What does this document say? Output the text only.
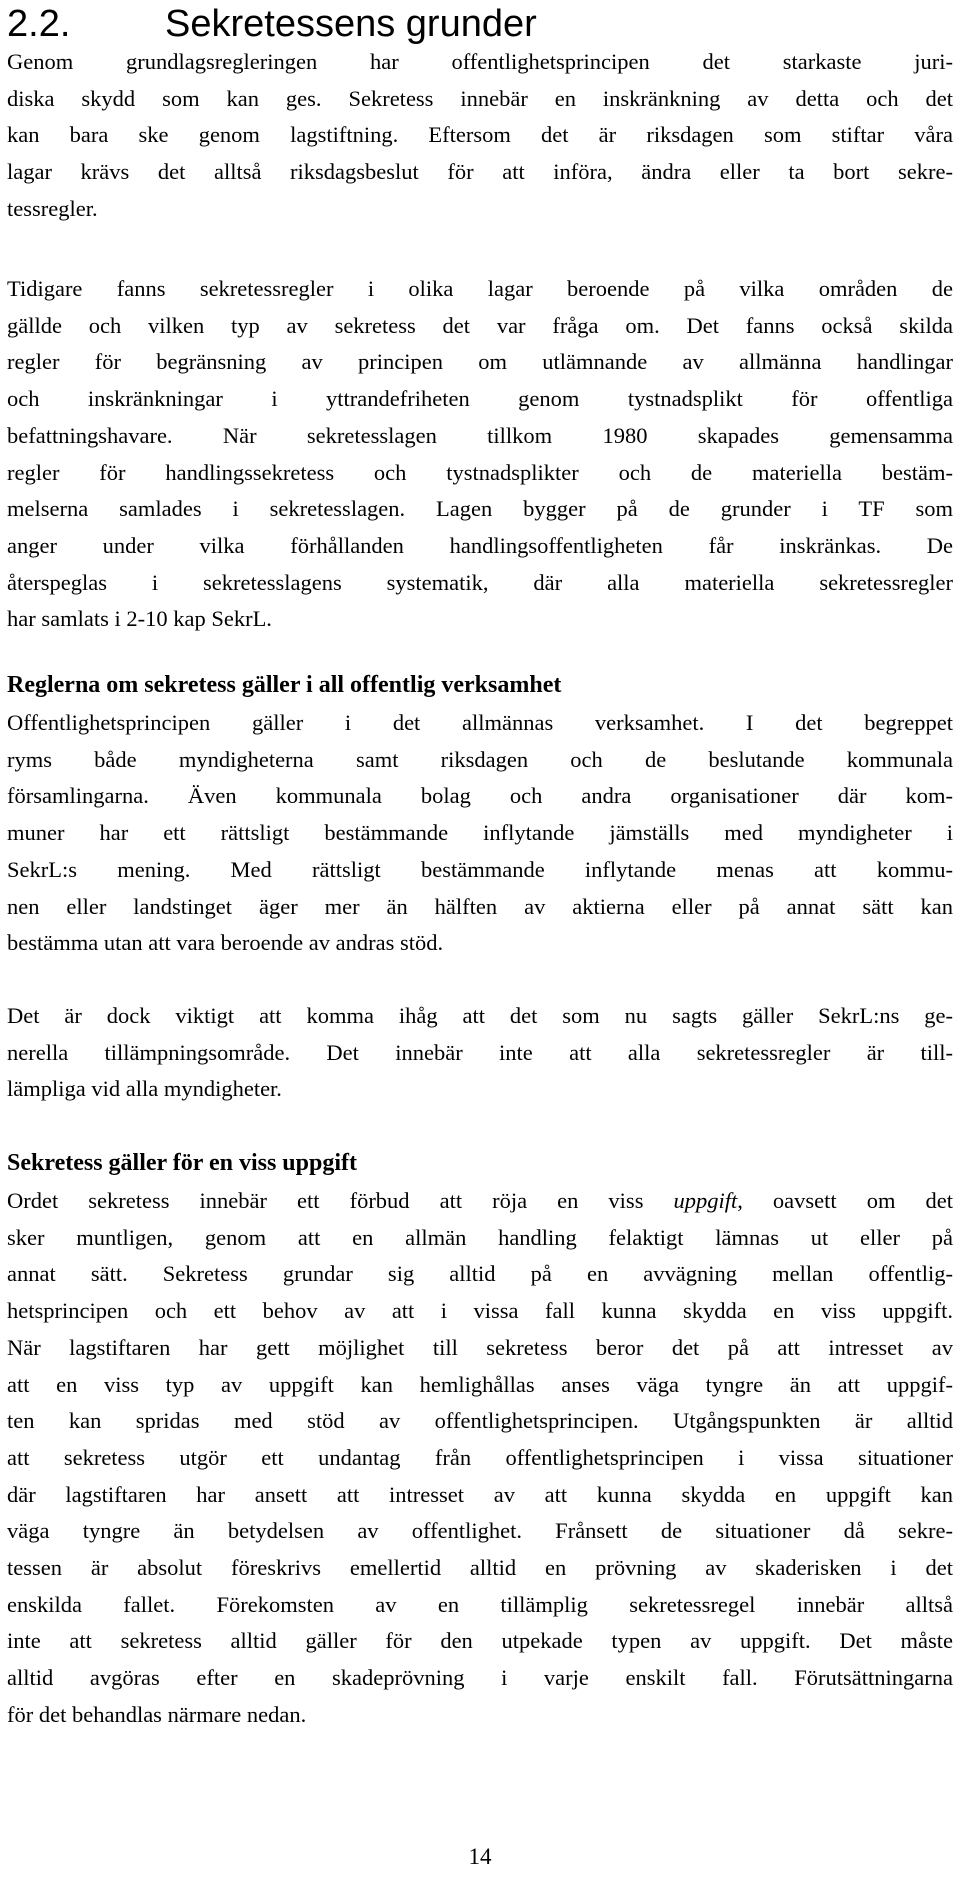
2.2. Sekretessens grunder

Genom grundlagsregleringen har offentlighetsprincipen det starkaste juri-
diska skydd som kan ges. Sekretess innebär en inskränkning av detta och det
kan bara ske genom lagstiftning. Eftersom det är riksdagen som stiftar våra
lagar krävs det alltså riksdagsbeslut för att införa, ändra eller ta bort sekre-
tessregler.

Tidigare fanns sekretessregler i olika lagar beroende på vilka områden de
gällde och vilken typ av sekretess det var fråga om. Det fanns också skilda
regler för begränsning av principen om utlämnande av allmänna handlingar
och inskränkningar i yttrandefriheten genom tystnadsplikt för offentliga
befattningshavare. När sekretesslagen tillkom 1980 skapades gemensamma
regler för handlingssekretess och tystnadsplikter och de materiella bestäm-
melserna samlades i sekretesslagen. Lagen bygger på de grunder i TF som
anger under vilka förhållanden handlingsoffentligheten får inskränkas. De
återspeglas i sekretesslagens systematik, där alla materiella sekretessregler
har samlats i 2-10 kap SekrL.

Reglerna om sekretess gäller i all offentlig verksamhet

Offentlighetsprincipen gäller i det allmännas verksamhet. I det begreppet
ryms både myndigheterna samt riksdagen och de beslutande kommunala
församlingarna. Även kommunala bolag och andra organisationer där kom-
muner har ett rättsligt bestämmande inflytande jämställs med myndigheter i
SekrL:s mening. Med rättsligt bestämmande inflytande menas att kommu-
nen eller landstinget äger mer än hälften av aktierna eller på annat sätt kan
bestämma utan att vara beroende av andras stöd.

Det är dock viktigt att komma ihåg att det som nu sagts gäller SekrL:ns ge-
nerella tillämpningsområde. Det innebär inte att alla sekretessregler är till-
lämpliga vid alla myndigheter.

Sekretess gäller för en viss uppgift

Ordet sekretess innebär ett förbud att röja en viss uppgift, oavsett om det
sker muntligen, genom att en allmän handling felaktigt lämnas ut eller på
annat sätt. Sekretess grundar sig alltid på en avvägning mellan offentlig-
hetsprincipen och ett behov av att i vissa fall kunna skydda en viss uppgift.
När lagstiftaren har gett möjlighet till sekretess beror det på att intresset av
att en viss typ av uppgift kan hemlighållas anses väga tyngre än att uppgif-
ten kan spridas med stöd av offentlighetsprincipen. Utgångspunkten är alltid
att sekretess utgör ett undantag från offentlighetsprincipen i vissa situationer
där lagstiftaren har ansett att intresset av att kunna skydda en uppgift kan
väga tyngre än betydelsen av offentlighet. Frånsett de situationer då sekre-
tessen är absolut föreskrivs emellertid alltid en prövning av skaderisken i det
enskilda fallet. Förekomsten av en tillämplig sekretessregel innebär alltså
inte att sekretess alltid gäller för den utpekade typen av uppgift. Det måste
alltid avgöras efter en skadeprövning i varje enskilt fall. Förutsättningarna
för det behandlas närmare nedan.

14
